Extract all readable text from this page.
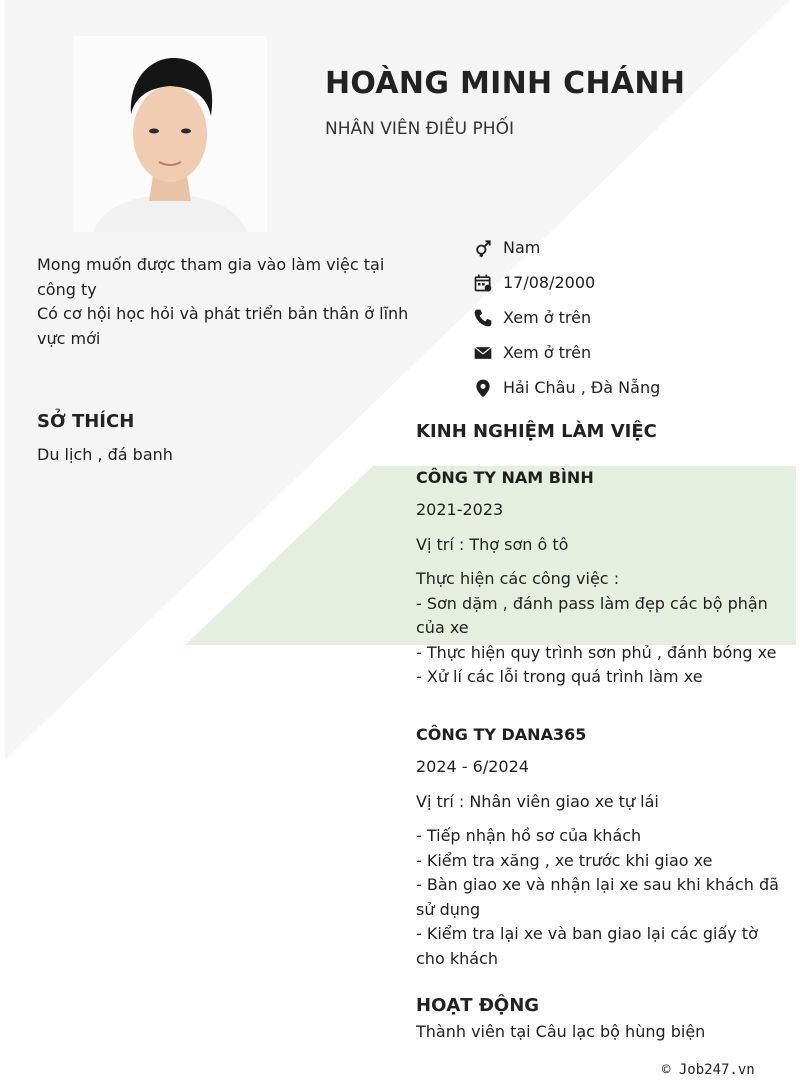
HOÀNG MINH CHÁNH
NHÂN VIÊN ĐIỀU PHỐI
Mong muốn được tham gia vào làm việc tại công ty
Có cơ hội học hỏi và phát triển bản thân ở lĩnh vực mới
Nam
17/08/2000
Xem ở trên
Xem ở trên
Hải Châu , Đà Nẵng
SỞ THÍCH
Du lịch , đá banh
KINH NGHIỆM LÀM VIỆC
CÔNG TY NAM BÌNH
2021-2023
Vị trí : Thợ sơn ô tô
Thực hiện các công việc :
- Sơn dặm , đánh pass làm đẹp các bộ phận của xe
- Thực hiện quy trình sơn phủ , đánh bóng xe
- Xử lí các lỗi trong quá trình làm xe
CÔNG TY DANA365
2024 - 6/2024
Vị trí : Nhân viên giao xe tự lái
- Tiếp nhận hồ sơ của khách
- Kiểm tra xăng , xe trước khi giao xe
- Bàn giao xe và nhận lại xe sau khi khách đã sử dụng
- Kiểm tra lại xe và ban giao lại các giấy tờ cho khách
HOẠT ĐỘNG
Thành viên tại Câu lạc bộ hùng biện
© Job247.vn
